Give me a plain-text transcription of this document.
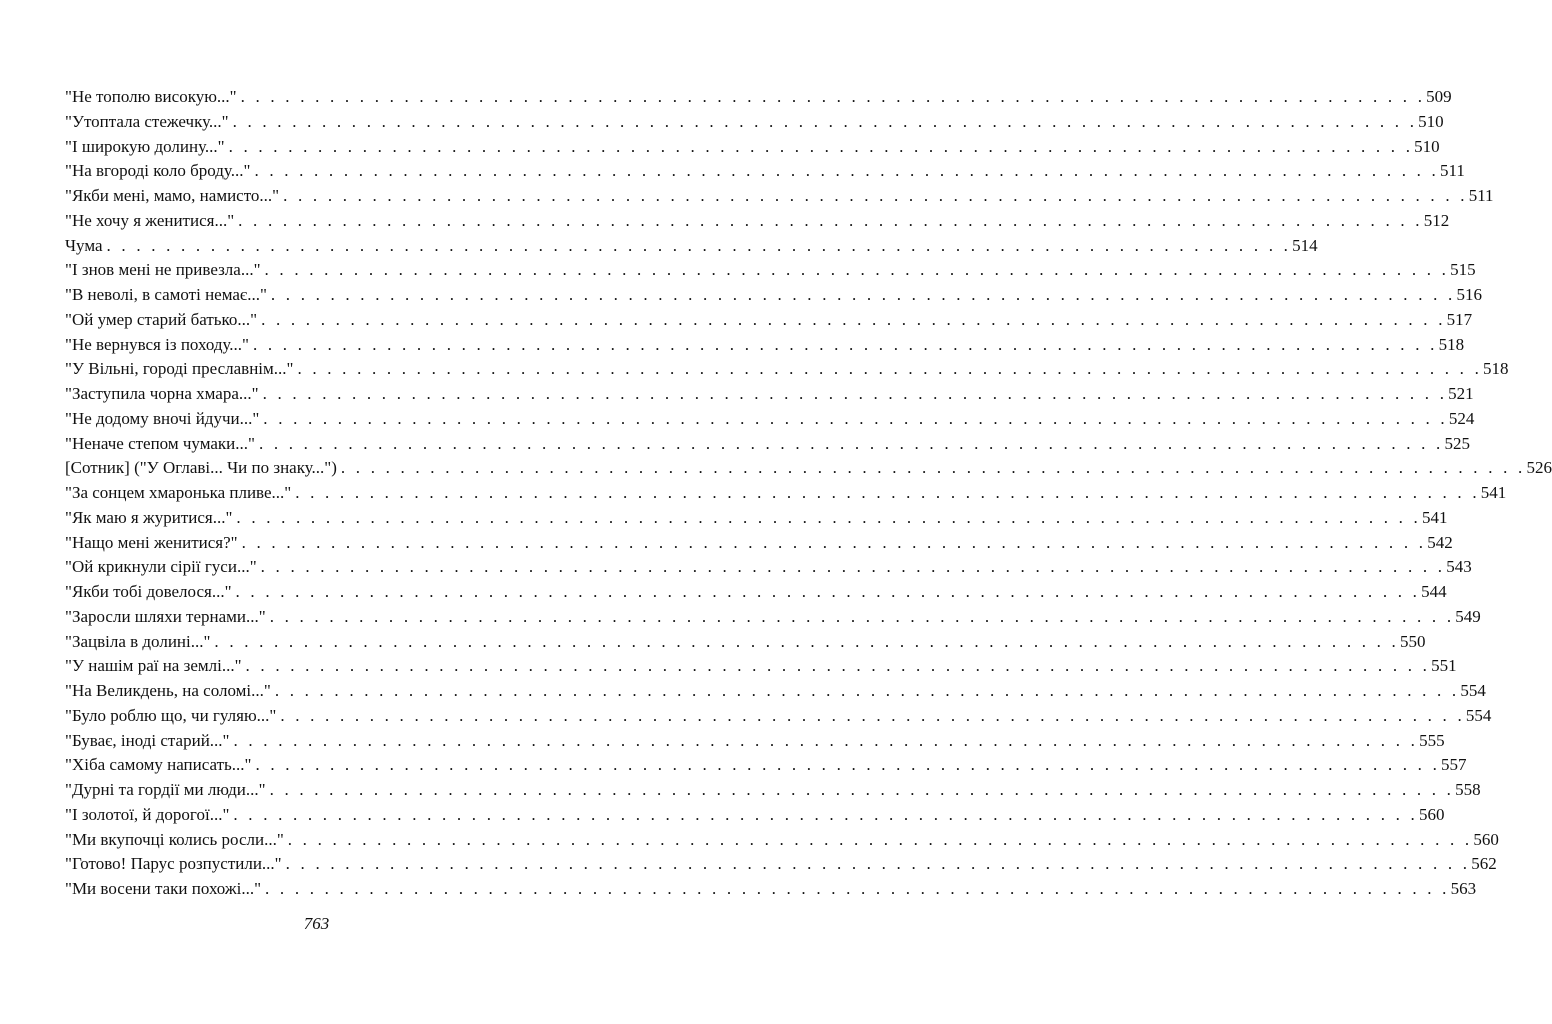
"Не тополю високую..." . . . . . . . . . . . . . . . . . . . . . . . . . . . . . . . . . . . . . . . . . . . . . . . . . . . . . . . . . . . . . . . . . . . . . . . . . . . . . . . . 509
"Утоптала стежечку..." . . . . . . . . . . . . . . . . . . . . . . . . . . . . . . . . . . . . . . . . . . . . . . . . . . . . . . . . . . . . . . . . . . . . . . . . . . . . . . . . 510
"І широкую долину..." . . . . . . . . . . . . . . . . . . . . . . . . . . . . . . . . . . . . . . . . . . . . . . . . . . . . . . . . . . . . . . . . . . . . . . . . . . . . . . . . 510
"На вгороді коло броду..." . . . . . . . . . . . . . . . . . . . . . . . . . . . . . . . . . . . . . . . . . . . . . . . . . . . . . . . . . . . . . . . . . . . . . . . . . . . . . . . . 511
"Якби мені, мамо, намисто..." . . . . . . . . . . . . . . . . . . . . . . . . . . . . . . . . . . . . . . . . . . . . . . . . . . . . . . . . . . . . . . . . . . . . . . . . . . . . . . . . 511
"Не хочу я женитися..." . . . . . . . . . . . . . . . . . . . . . . . . . . . . . . . . . . . . . . . . . . . . . . . . . . . . . . . . . . . . . . . . . . . . . . . . . . . . . . . . 512
Чума . . . . . . . . . . . . . . . . . . . . . . . . . . . . . . . . . . . . . . . . . . . . . . . . . . . . . . . . . . . . . . . . . . . . . . . . . . . . . . . . 514
"І знов мені не привезла..." . . . . . . . . . . . . . . . . . . . . . . . . . . . . . . . . . . . . . . . . . . . . . . . . . . . . . . . . . . . . . . . . . . . . . . . . . . . . . . . . 515
"В неволі, в самоті немає..." . . . . . . . . . . . . . . . . . . . . . . . . . . . . . . . . . . . . . . . . . . . . . . . . . . . . . . . . . . . . . . . . . . . . . . . . . . . . . . . . 516
"Ой умер старий батько..." . . . . . . . . . . . . . . . . . . . . . . . . . . . . . . . . . . . . . . . . . . . . . . . . . . . . . . . . . . . . . . . . . . . . . . . . . . . . . . . . 517
"Не вернувся із походу..." . . . . . . . . . . . . . . . . . . . . . . . . . . . . . . . . . . . . . . . . . . . . . . . . . . . . . . . . . . . . . . . . . . . . . . . . . . . . . . . . 518
"У Вільні, городі преславнім..." . . . . . . . . . . . . . . . . . . . . . . . . . . . . . . . . . . . . . . . . . . . . . . . . . . . . . . . . . . . . . . . . . . . . . . . . . . . . . . . . 518
"Заступила чорна хмара..." . . . . . . . . . . . . . . . . . . . . . . . . . . . . . . . . . . . . . . . . . . . . . . . . . . . . . . . . . . . . . . . . . . . . . . . . . . . . . . . . 521
"Не додому вночі йдучи..." . . . . . . . . . . . . . . . . . . . . . . . . . . . . . . . . . . . . . . . . . . . . . . . . . . . . . . . . . . . . . . . . . . . . . . . . . . . . . . . . 524
"Неначе степом чумаки..." . . . . . . . . . . . . . . . . . . . . . . . . . . . . . . . . . . . . . . . . . . . . . . . . . . . . . . . . . . . . . . . . . . . . . . . . . . . . . . . . 525
[Сотник] ("У Оглаві... Чи по знаку...") . . . . . . . . . . . . . . . . . . . . . . . . . . . . . . . . . . . . . . . . . . . . . . . . . . . . . . . . . . . . . . . . . . . . . . . . . . . . . . . . 526
"За сонцем хмаронька пливе..." . . . . . . . . . . . . . . . . . . . . . . . . . . . . . . . . . . . . . . . . . . . . . . . . . . . . . . . . . . . . . . . . . . . . . . . . . . . . . . . . 541
"Як маю я журитися..." . . . . . . . . . . . . . . . . . . . . . . . . . . . . . . . . . . . . . . . . . . . . . . . . . . . . . . . . . . . . . . . . . . . . . . . . . . . . . . . . 541
"Нащо мені женитися?" . . . . . . . . . . . . . . . . . . . . . . . . . . . . . . . . . . . . . . . . . . . . . . . . . . . . . . . . . . . . . . . . . . . . . . . . . . . . . . . . 542
"Ой крикнули сірії гуси..." . . . . . . . . . . . . . . . . . . . . . . . . . . . . . . . . . . . . . . . . . . . . . . . . . . . . . . . . . . . . . . . . . . . . . . . . . . . . . . . . 543
"Якби тобі довелося..." . . . . . . . . . . . . . . . . . . . . . . . . . . . . . . . . . . . . . . . . . . . . . . . . . . . . . . . . . . . . . . . . . . . . . . . . . . . . . . . . 544
"Заросли шляхи тернами..." . . . . . . . . . . . . . . . . . . . . . . . . . . . . . . . . . . . . . . . . . . . . . . . . . . . . . . . . . . . . . . . . . . . . . . . . . . . . . . . . 549
"Зацвіла в долині..." . . . . . . . . . . . . . . . . . . . . . . . . . . . . . . . . . . . . . . . . . . . . . . . . . . . . . . . . . . . . . . . . . . . . . . . . . . . . . . . . 550
"У нашім раї на землі..." . . . . . . . . . . . . . . . . . . . . . . . . . . . . . . . . . . . . . . . . . . . . . . . . . . . . . . . . . . . . . . . . . . . . . . . . . . . . . . . . 551
"На Великдень, на соломі..." . . . . . . . . . . . . . . . . . . . . . . . . . . . . . . . . . . . . . . . . . . . . . . . . . . . . . . . . . . . . . . . . . . . . . . . . . . . . . . . . 554
"Було роблю що, чи гуляю..." . . . . . . . . . . . . . . . . . . . . . . . . . . . . . . . . . . . . . . . . . . . . . . . . . . . . . . . . . . . . . . . . . . . . . . . . . . . . . . . . 554
"Буває, іноді старий..." . . . . . . . . . . . . . . . . . . . . . . . . . . . . . . . . . . . . . . . . . . . . . . . . . . . . . . . . . . . . . . . . . . . . . . . . . . . . . . . . 555
"Хіба самому написать..." . . . . . . . . . . . . . . . . . . . . . . . . . . . . . . . . . . . . . . . . . . . . . . . . . . . . . . . . . . . . . . . . . . . . . . . . . . . . . . . . 557
"Дурні та гордії ми люди..." . . . . . . . . . . . . . . . . . . . . . . . . . . . . . . . . . . . . . . . . . . . . . . . . . . . . . . . . . . . . . . . . . . . . . . . . . . . . . . . . 558
"І золотої, й дорогої..." . . . . . . . . . . . . . . . . . . . . . . . . . . . . . . . . . . . . . . . . . . . . . . . . . . . . . . . . . . . . . . . . . . . . . . . . . . . . . . . . 560
"Ми вкупочці колись росли..." . . . . . . . . . . . . . . . . . . . . . . . . . . . . . . . . . . . . . . . . . . . . . . . . . . . . . . . . . . . . . . . . . . . . . . . . . . . . . . . . 560
"Готово! Парус розпустили..." . . . . . . . . . . . . . . . . . . . . . . . . . . . . . . . . . . . . . . . . . . . . . . . . . . . . . . . . . . . . . . . . . . . . . . . . . . . . . . . . 562
"Ми восени таки похожі..." . . . . . . . . . . . . . . . . . . . . . . . . . . . . . . . . . . . . . . . . . . . . . . . . . . . . . . . . . . . . . . . . . . . . . . . . . . . . . . . . 563
763
